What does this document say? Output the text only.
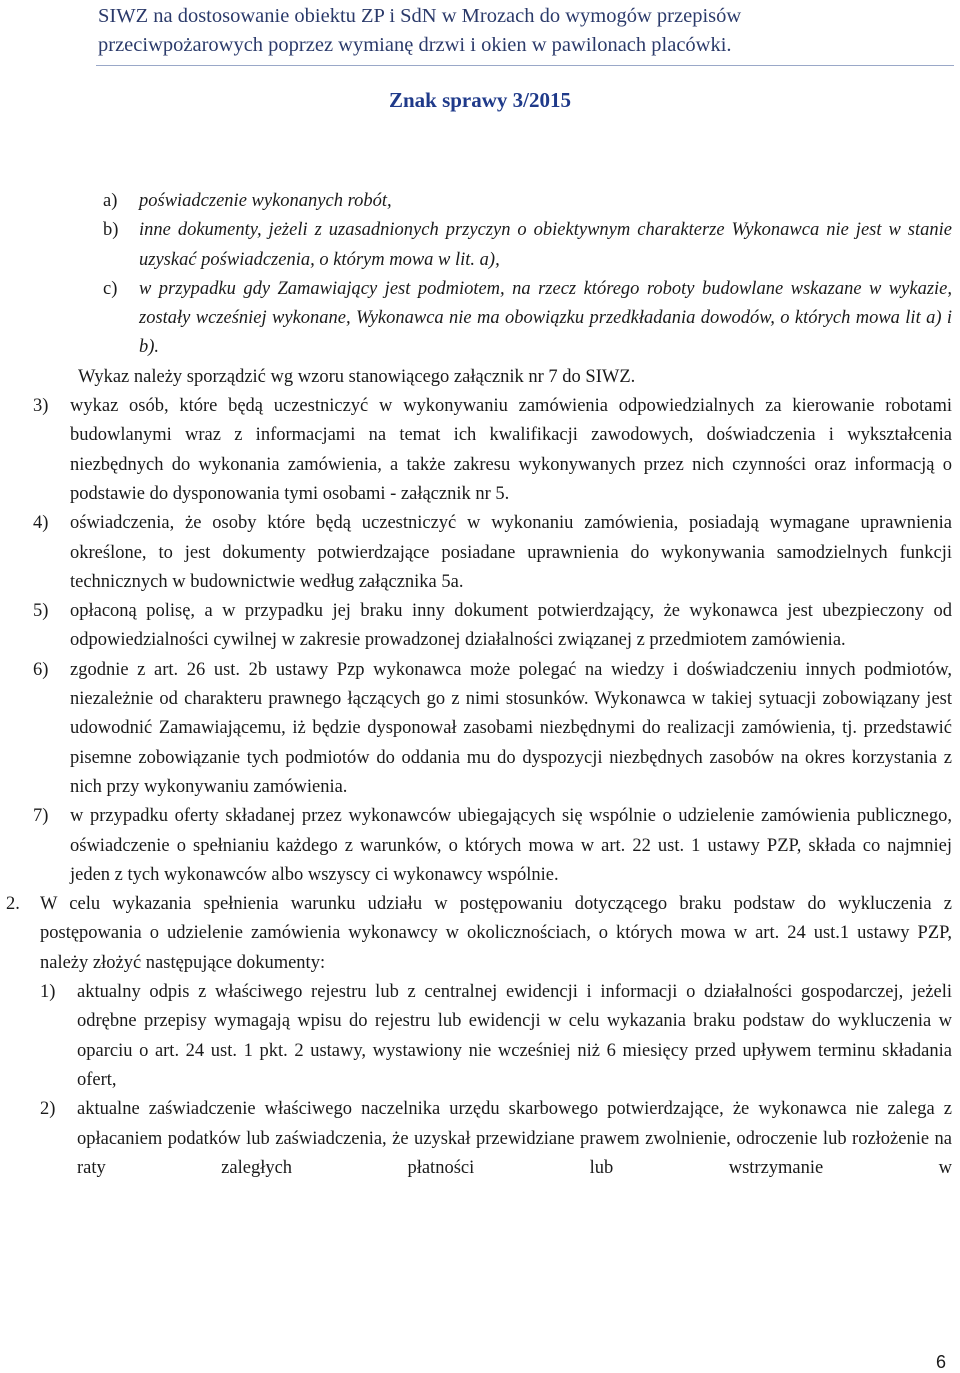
SIWZ na dostosowanie obiektu ZP i SdN w Mrozach do wymogów przepisów
przeciwpożarowych poprzez wymianę drzwi i okien w pawilonach placówki.
Znak sprawy 3/2015
a)	poświadczenie wykonanych robót,
b)	inne dokumenty, jeżeli z uzasadnionych przyczyn o obiektywnym charakterze Wykonawca nie jest w stanie uzyskać poświadczenia, o którym mowa w lit. a),
c)	w przypadku gdy Zamawiający jest podmiotem, na rzecz którego roboty budowlane wskazane w wykazie, zostały wcześniej wykonane, Wykonawca nie ma obowiązku przedkładania dowodów, o których mowa lit a) i b).
Wykaz należy sporządzić wg wzoru stanowiącego załącznik nr 7 do SIWZ.
3)	wykaz osób, które będą uczestniczyć w wykonywaniu zamówienia odpowiedzialnych za kierowanie robotami budowlanymi wraz z informacjami na temat ich kwalifikacji zawodowych, doświadczenia i wykształcenia niezbędnych do wykonania zamówienia, a także zakresu wykonywanych przez nich czynności oraz informacją o podstawie do dysponowania tymi osobami - załącznik nr 5.
4)	oświadczenia, że osoby które będą uczestniczyć w wykonaniu zamówienia, posiadają wymagane uprawnienia określone, to jest dokumenty potwierdzające posiadane uprawnienia do wykonywania samodzielnych funkcji technicznych w budownictwie według załącznika 5a.
5)	opłaconą polisę, a w przypadku jej braku inny dokument potwierdzający, że wykonawca jest ubezpieczony od odpowiedzialności cywilnej w zakresie prowadzonej działalności związanej z przedmiotem zamówienia.
6)	zgodnie z art. 26 ust. 2b ustawy Pzp wykonawca może polegać na wiedzy i doświadczeniu innych podmiotów, niezależnie od charakteru prawnego łączących go z nimi stosunków. Wykonawca w takiej sytuacji zobowiązany jest udowodnić Zamawiającemu, iż będzie dysponował zasobami niezbędnymi do realizacji zamówienia, tj. przedstawić pisemne zobowiązanie tych podmiotów do oddania mu do dyspozycji niezbędnych zasobów na okres korzystania z nich przy wykonywaniu zamówienia.
7)	w przypadku oferty składanej przez wykonawców ubiegających się wspólnie o udzielenie zamówienia publicznego, oświadczenie o spełnianiu każdego z warunków, o których mowa w art. 22 ust. 1 ustawy PZP, składa co najmniej jeden z tych wykonawców albo wszyscy ci wykonawcy wspólnie.
2.	W celu wykazania spełnienia warunku udziału w postępowaniu dotyczącego braku podstaw do wykluczenia z postępowania o udzielenie zamówienia wykonawcy w okolicznościach, o których mowa w art. 24 ust.1 ustawy PZP, należy złożyć następujące dokumenty:
1)	aktualny odpis z właściwego rejestru lub z centralnej ewidencji i informacji o działalności gospodarczej, jeżeli odrębne przepisy wymagają wpisu do rejestru lub ewidencji w celu wykazania braku podstaw do wykluczenia w oparciu o art. 24 ust. 1 pkt. 2 ustawy, wystawiony nie wcześniej niż 6 miesięcy przed upływem terminu składania ofert,
2)	aktualne zaświadczenie właściwego naczelnika urzędu skarbowego potwierdzające, że wykonawca nie zalega z opłacaniem podatków lub zaświadczenia, że uzyskał przewidziane prawem zwolnienie, odroczenie lub rozłożenie na raty zaległych płatności lub wstrzymanie w
6
